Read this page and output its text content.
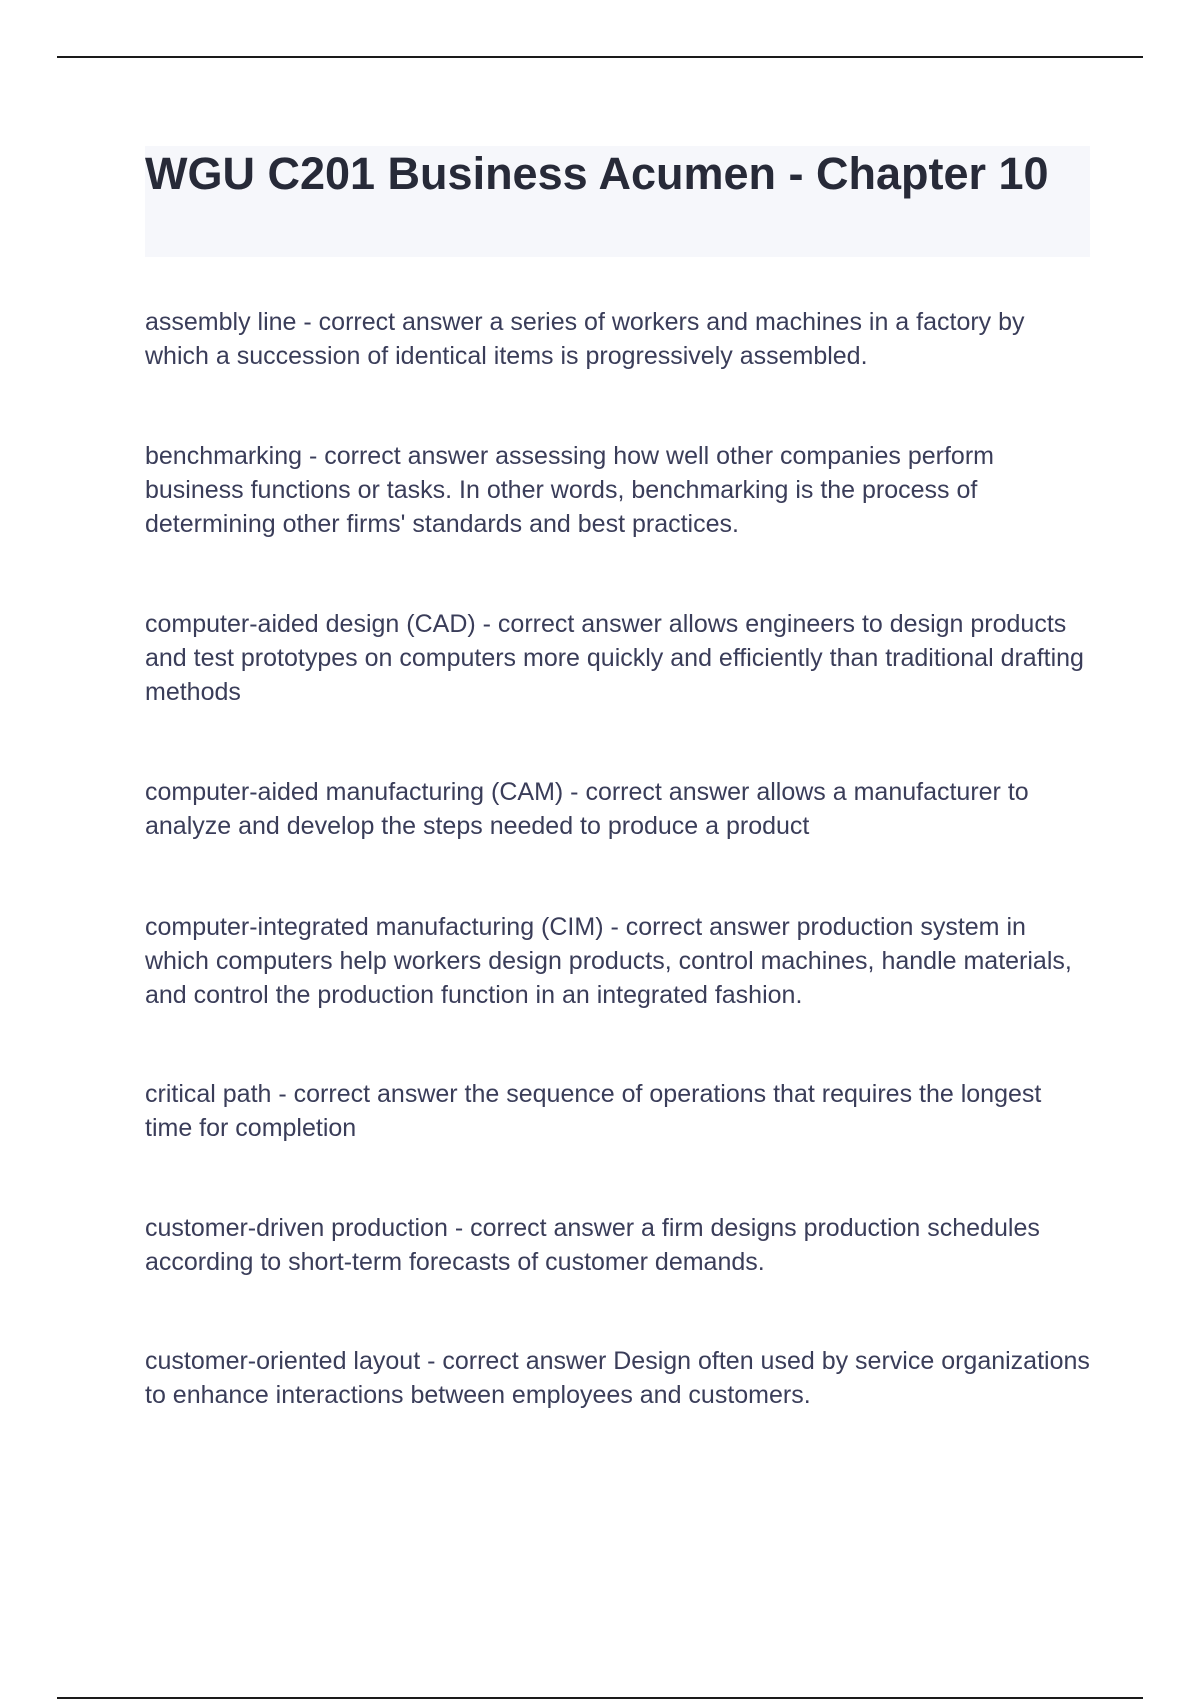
WGU C201 Business Acumen - Chapter 10
assembly line - correct answer a series of workers and machines in a factory by which a succession of identical items is progressively assembled.
benchmarking - correct answer assessing how well other companies perform business functions or tasks. In other words, benchmarking is the process of determining other firms' standards and best practices.
computer-aided design (CAD) - correct answer allows engineers to design products and test prototypes on computers more quickly and efficiently than traditional drafting methods
computer-aided manufacturing (CAM) - correct answer allows a manufacturer to analyze and develop the steps needed to produce a product
computer-integrated manufacturing (CIM) - correct answer production system in which computers help workers design products, control machines, handle materials, and control the production function in an integrated fashion.
critical path - correct answer the sequence of operations that requires the longest time for completion
customer-driven production - correct answer a firm designs production schedules according to short-term forecasts of customer demands.
customer-oriented layout - correct answer Design often used by service organizations to enhance interactions between employees and customers.
